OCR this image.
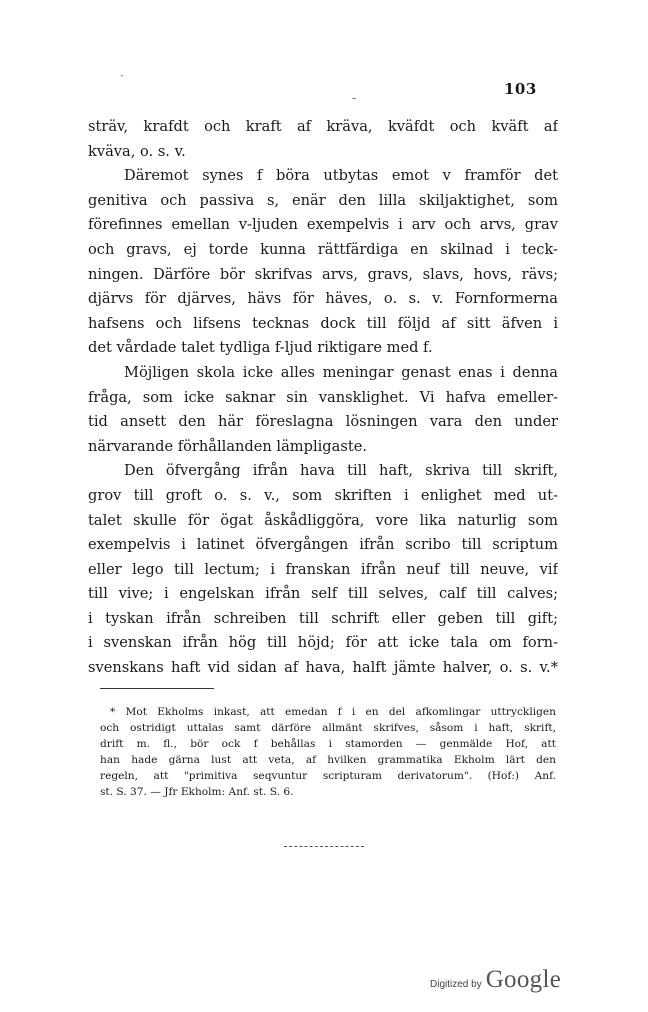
103
·
-
sträv, krafdt och kraft af kräva, kväfdt och kväft af
kväva, o. s. v.
Däremot synes f böra utbytas emot v framför det
genitiva och passiva s, enär den lilla skiljaktighet, som
förefinnes emellan v-ljuden exempelvis i arv och arvs, grav
och gravs, ej torde kunna rättfärdiga en skilnad i teck-
ningen. Därföre bör skrifvas arvs, gravs, slavs, hovs, rävs;
djärvs för djärves, hävs för häves, o. s. v. Fornformerna
hafsens och lifsens tecknas dock till följd af sitt äfven i
det vårdade talet tydliga f-ljud riktigare med f.
Möjligen skola icke alles meningar genast enas i denna
fråga, som icke saknar sin vansklighet. Vi hafva emeller-
tid ansett den här föreslagna lösningen vara den under
närvarande förhållanden lämpligaste.
Den öfvergång ifrån hava till haft, skriva till skrift,
grov till groft o. s. v., som skriften i enlighet med ut-
talet skulle för ögat åskådliggöra, vore lika naturlig som
exempelvis i latinet öfvergången ifrån scribo till scriptum
eller lego till lectum; i franskan ifrån neuf till neuve, vif
till vive; i engelskan ifrån self till selves, calf till calves;
i tyskan ifrån schreiben till schrift eller geben till gift;
i svenskan ifrån hög till höjd; för att icke tala om forn-
svenskans haft vid sidan af hava, halft jämte halver, o. s. v.*
* Mot Ekholms inkast, att emedan f i en del afkomlingar uttryckligen
och ostridigt uttalas samt därföre allmänt skrifves, såsom i haft, skrift,
drift m. fl., bör ock f behållas i stamorden — genmälde Hof, att
han hade gärna lust att veta, af hvilken grammatika Ekholm lärt den
regeln, att "primitiva seqvuntur scripturam derivatorum". (Hof:) Anf.
st. S. 37. — Jfr Ekholm: Anf. st. S. 6.
Digitized by Google
